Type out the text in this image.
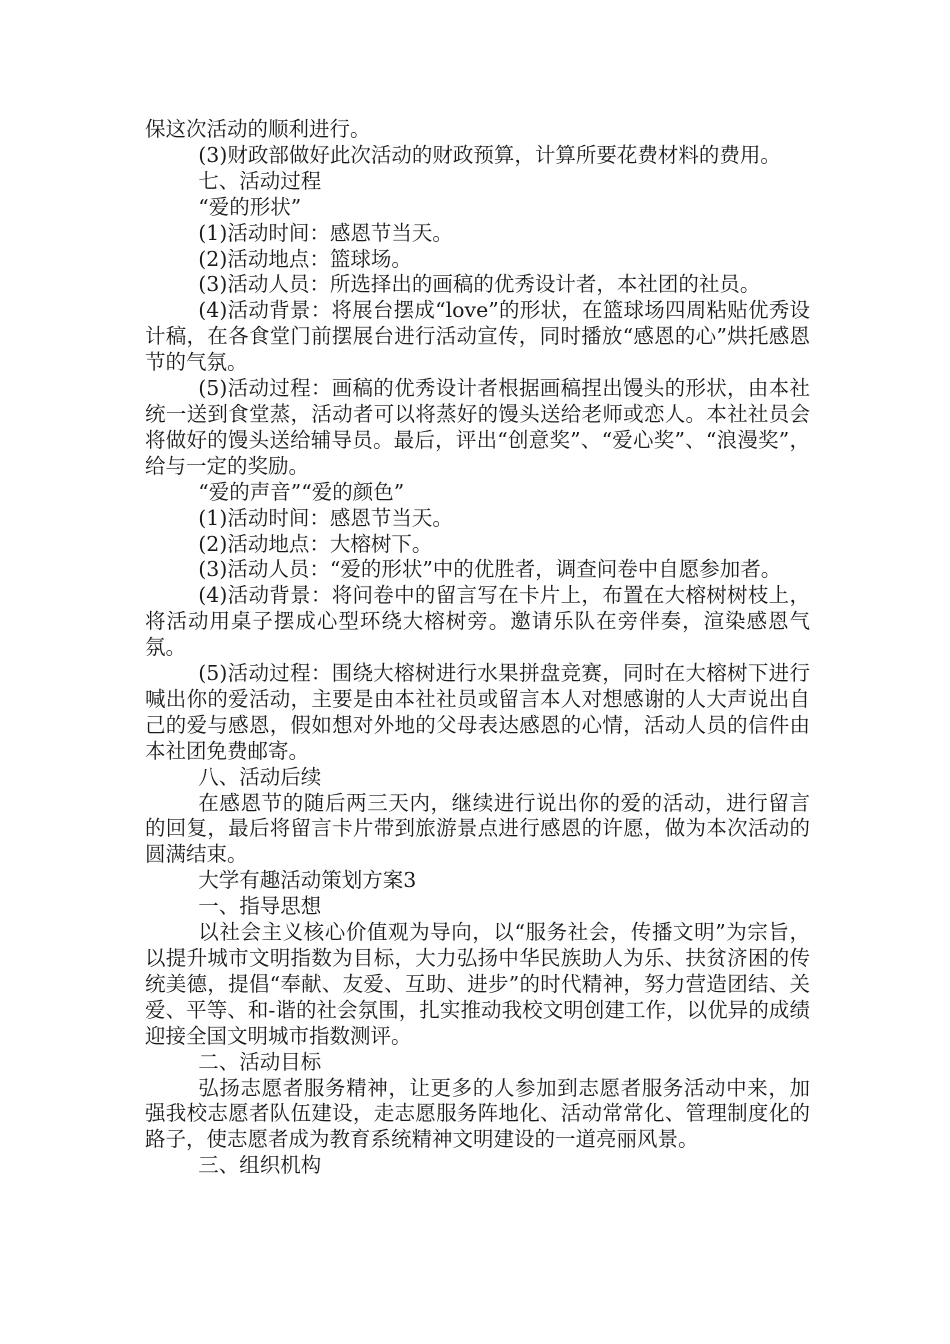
保这次活动的顺利进行。

(3)财政部做好此次活动的财政预算，计算所要花费材料的费用。

七、活动过程

“爱的形状”

(1)活动时间：感恩节当天。

(2)活动地点：篮球场。

(3)活动人员：所选择出的画稿的优秀设计者，本社团的社员。

(4)活动背景：将展台摆成“love”的形状，在篮球场四周粘贴优秀设计稿，在各食堂门前摆展台进行活动宣传，同时播放“感恩的心”烘托感恩节的气氛。

(5)活动过程：画稿的优秀设计者根据画稿捏出馒头的形状，由本社统一送到食堂蒸，活动者可以将蒸好的馒头送给老师或恋人。本社社员会将做好的馒头送给辅导员。最后，评出“创意奖”、“爱心奖”、“浪漫奖”，给与一定的奖励。

“爱的声音”“爱的颜色”

(1)活动时间：感恩节当天。

(2)活动地点：大榕树下。

(3)活动人员：“爱的形状”中的优胜者，调查问卷中自愿参加者。

(4)活动背景：将问卷中的留言写在卡片上，布置在大榕树树枝上，将活动用桌子摆成心型环绕大榕树旁。邀请乐队在旁伴奏，渲染感恩气氛。

(5)活动过程：围绕大榕树进行水果拼盘竞赛，同时在大榕树下进行喊出你的爱活动，主要是由本社社员或留言本人对想感谢的人大声说出自己的爱与感恩，假如想对外地的父母表达感恩的心情，活动人员的信件由本社团免费邮寄。

八、活动后续

在感恩节的随后两三天内，继续进行说出你的爱的活动，进行留言的回复，最后将留言卡片带到旅游景点进行感恩的许愿，做为本次活动的圆满结束。

大学有趣活动策划方案3

一、指导思想

以社会主义核心价值观为导向，以“服务社会，传播文明”为宗旨，以提升城市文明指数为目标，大力弘扬中华民族助人为乐、扶贫济困的传统美德，提倡“奉献、友爱、互助、进步”的时代精神，努力营造团结、关爱、平等、和-谐的社会氛围，扎实推动我校文明创建工作，以优异的成绩迎接全国文明城市指数测评。

二、活动目标

弘扬志愿者服务精神，让更多的人参加到志愿者服务活动中来，加强我校志愿者队伍建设，走志愿服务阵地化、活动常常化、管理制度化的路子，使志愿者成为教育系统精神文明建设的一道亮丽风景。

三、组织机构
